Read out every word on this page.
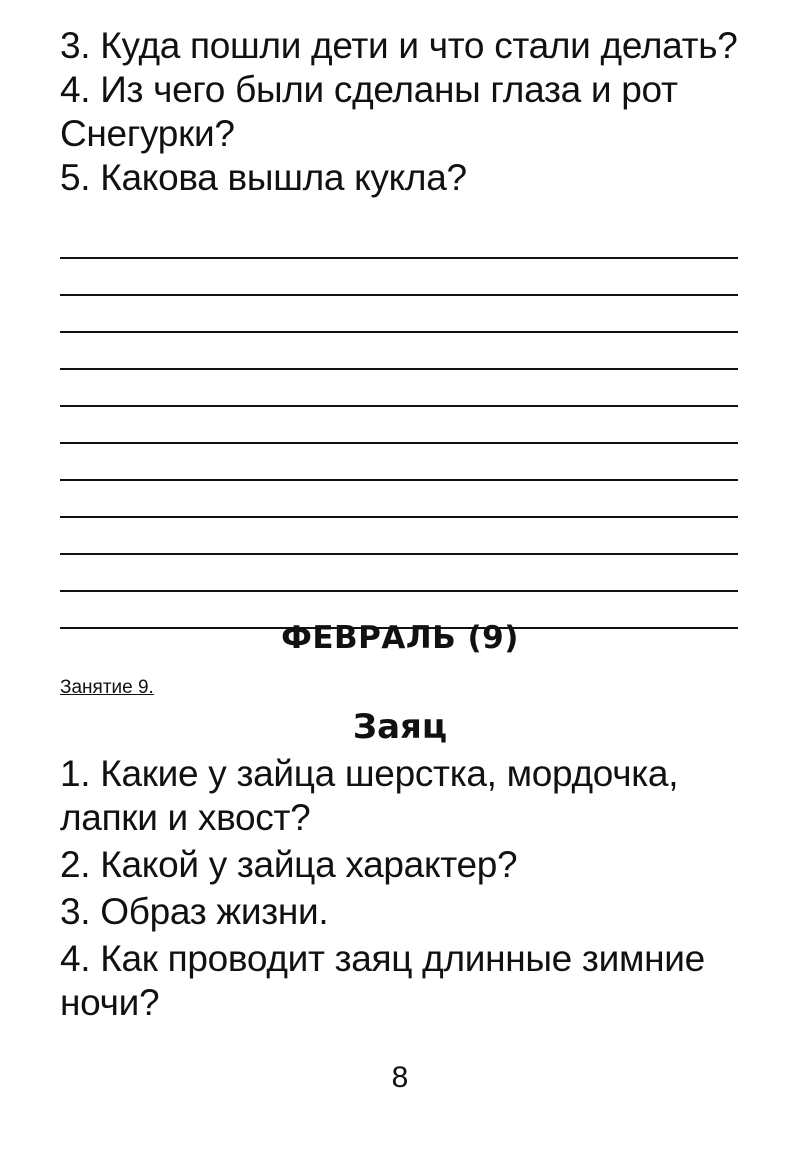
3. Куда пошли дети и что стали делать?

4. Из чего были сделаны глаза и рот Снегурки?

5. Какова вышла кукла?

ФЕВРАЛЬ (9)
Занятие 9.
Заяц

1. Какие у зайца шерстка, мордочка, лапки и хвост?

2. Какой у зайца характер?

3. Образ жизни.

4. Как проводит заяц длинные зимние ночи?

8
